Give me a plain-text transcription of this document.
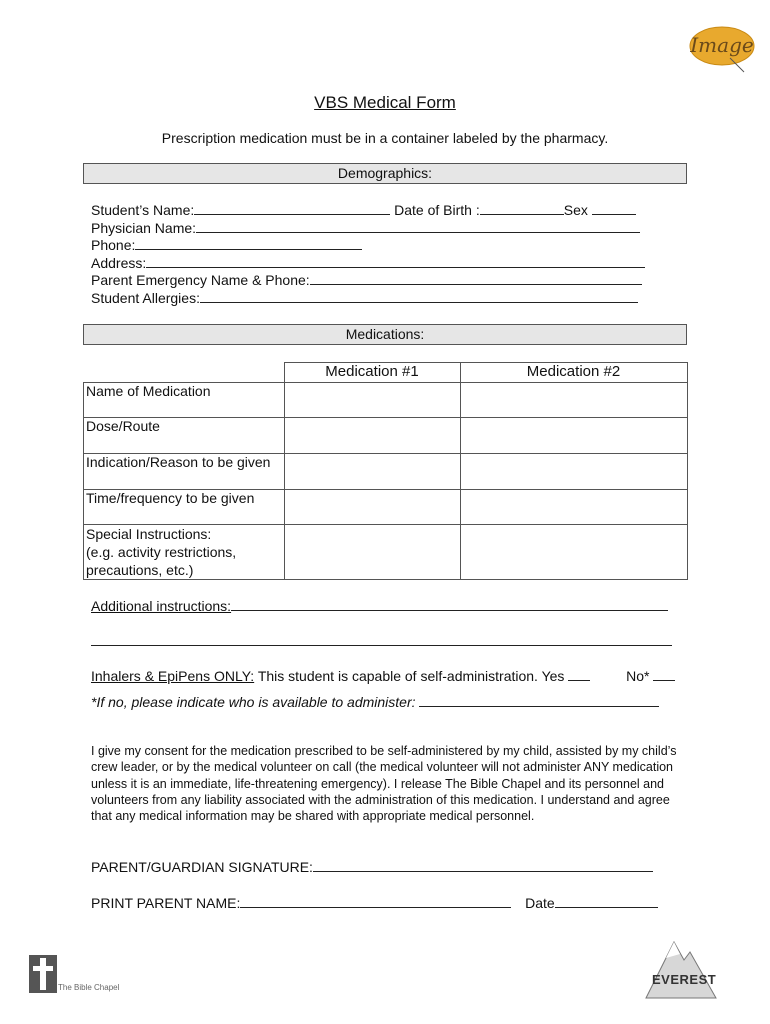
Image
VBS Medical Form
Prescription medication must be in a container labeled by the pharmacy.
Demographics:
Student’s Name:	Date of Birth :	Sex
Physician Name:
Phone:
Address:
Parent Emergency Name & Phone:
Student Allergies:
Medications:
	Medication #1	Medication #2
Name of Medication		
Dose/Route		
Indication/Reason to be given		
Time/frequency to be given		
Special Instructions:
(e.g. activity restrictions,
precautions, etc.)		
Additional instructions:
Inhalers & EpiPens ONLY: This student is capable of self-administration. Yes	No*
*If no, please indicate who is available to administer:
I give my consent for the medication prescribed to be self-administered by my child, assisted by my child’s crew leader, or by the medical volunteer on call (the medical volunteer will not administer ANY medication unless it is an immediate, life-threatening emergency). I release The Bible Chapel and its personnel and volunteers from any liability associated with the administration of this medication. I understand and agree that any medical information may be shared with appropriate medical personnel.
PARENT/GUARDIAN SIGNATURE:
PRINT PARENT NAME:	Date
The Bible Chapel
EVEREST
